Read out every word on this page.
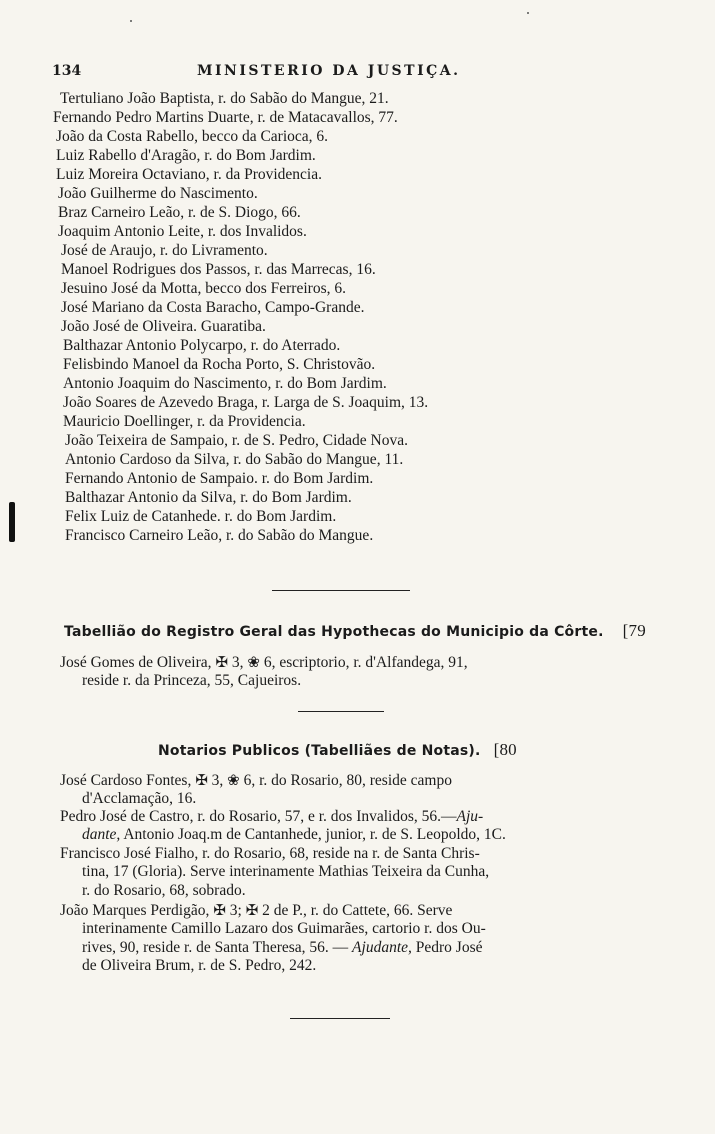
134	MINISTERIO DA JUSTIÇA.
Tertuliano João Baptista, r. do Sabão do Mangue, 21.
Fernando Pedro Martins Duarte, r. de Matacavallos, 77.
João da Costa Rabello, becco da Carioca, 6.
Luiz Rabello d'Aragão, r. do Bom Jardim.
Luiz Moreira Octaviano, r. da Providencia.
João Guilherme do Nascimento.
Braz Carneiro Leão, r. de S. Diogo, 66.
Joaquim Antonio Leite, r. dos Invalidos.
José de Araujo, r. do Livramento.
Manoel Rodrigues dos Passos, r. das Marrecas, 16.
Jesuino José da Motta, becco dos Ferreiros, 6.
José Mariano da Costa Baracho, Campo-Grande.
João José de Oliveira. Guaratiba.
Balthazar Antonio Polycarpo, r. do Aterrado.
Felisbindo Manoel da Rocha Porto, S. Christovão.
Antonio Joaquim do Nascimento, r. do Bom Jardim.
João Soares de Azevedo Braga, r. Larga de S. Joaquim, 13.
Mauricio Doellinger, r. da Providencia.
João Teixeira de Sampaio, r. de S. Pedro, Cidade Nova.
Antonio Cardoso da Silva, r. do Sabão do Mangue, 11.
Fernando Antonio de Sampaio. r. do Bom Jardim.
Balthazar Antonio da Silva, r. do Bom Jardim.
Felix Luiz de Catanhede. r. do Bom Jardim.
Francisco Carneiro Leão, r. do Sabão do Mangue.
Tabellião do Registro Geral das Hypothecas do Municipio da Côrte. [79
José Gomes de Oliveira, ✠ 3, ❀ 6, escriptorio, r. d'Alfandega, 91,
reside r. da Princeza, 55, Cajueiros.
Notarios Publicos (Tabelliães de Notas). [80
José Cardoso Fontes, ✠ 3, ❀ 6, r. do Rosario, 80, reside campo
d'Acclamação, 16.
Pedro José de Castro, r. do Rosario, 57, e r. dos Invalidos, 56.—Aju-
dante, Antonio Joaq.m de Cantanhede, junior, r. de S. Leopoldo, 1C.
Francisco José Fialho, r. do Rosario, 68, reside na r. de Santa Chris-
tina, 17 (Gloria). Serve interinamente Mathias Teixeira da Cunha,
r. do Rosario, 68, sobrado.
João Marques Perdigão, ✠ 3; ✠ 2 de P., r. do Cattete, 66. Serve
interinamente Camillo Lazaro dos Guimarães, cartorio r. dos Ou-
rives, 90, reside r. de Santa Theresa, 56. — Ajudante, Pedro José
de Oliveira Brum, r. de S. Pedro, 242.
